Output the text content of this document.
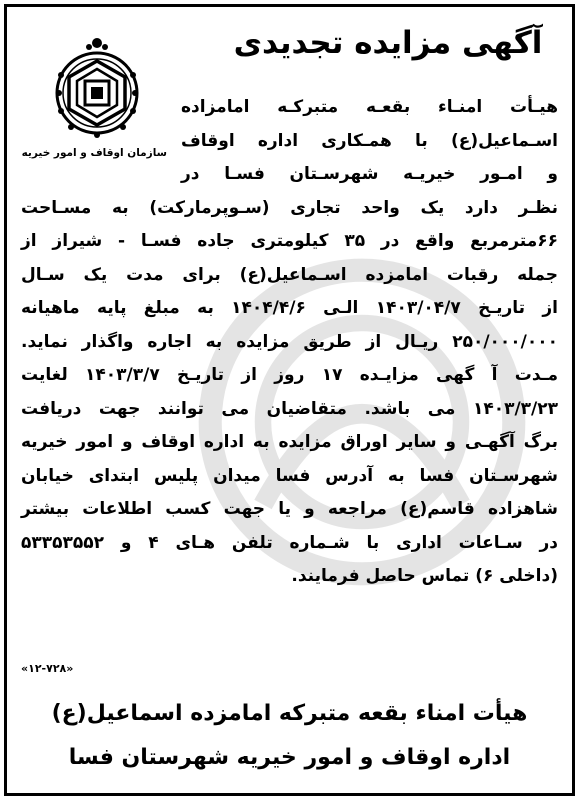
سازمان اوقاف و امور خیریه
آگهی مزایده تجدیدی
هیـأت امنـاء بقعـه متبرکـه امامزاده
اسـماعیل(ع) با همـکاری اداره اوقاف
و امـور خیریـه شهرسـتان فسـا در
نظـر دارد یک واحد تجاری (سـوپرمارکت) به مسـاحت
۶۶مترمربع واقع در ۳۵ کیلومتری جاده فسـا - شیراز از
جمله رقبات امامزده اسـماعیل(ع) برای مدت یک سـال
از تاریـخ ۱۴۰۳/۰۴/۷ الـی ۱۴۰۴/۴/۶ به مبلغ پایه ماهیانه
۲۵۰/۰۰۰/۰۰۰ ریـال از طریق مزایده به اجاره واگذار نماید.
مـدت آ گهی مزایـده ۱۷ روز از تاریـخ ۱۴۰۳/۳/۷ لغایت
۱۴۰۳/۳/۲۳ می باشد. متقاضیان می توانند جهت دریافت
برگ آگهـی و سایر اوراق مزایده به اداره اوقاف و امور خیریه
شهرسـتان فسا به آدرس فسا میدان پلیس ابتدای خیابان
شاهزاده قاسم(ع) مراجعه و یا جهت کسب اطلاعات بیشتر
در سـاعات اداری با شـماره تلفن هـای ۴ و ۵۳۳۵۳۵۵۲
(داخلی ۶) تماس حاصل فرمایند.
«۱۲-۷۲۸»
هیأت امناء بقعه متبرکه امامزده اسماعیل(ع)
اداره اوقاف و امور خیریه شهرستان فسا
